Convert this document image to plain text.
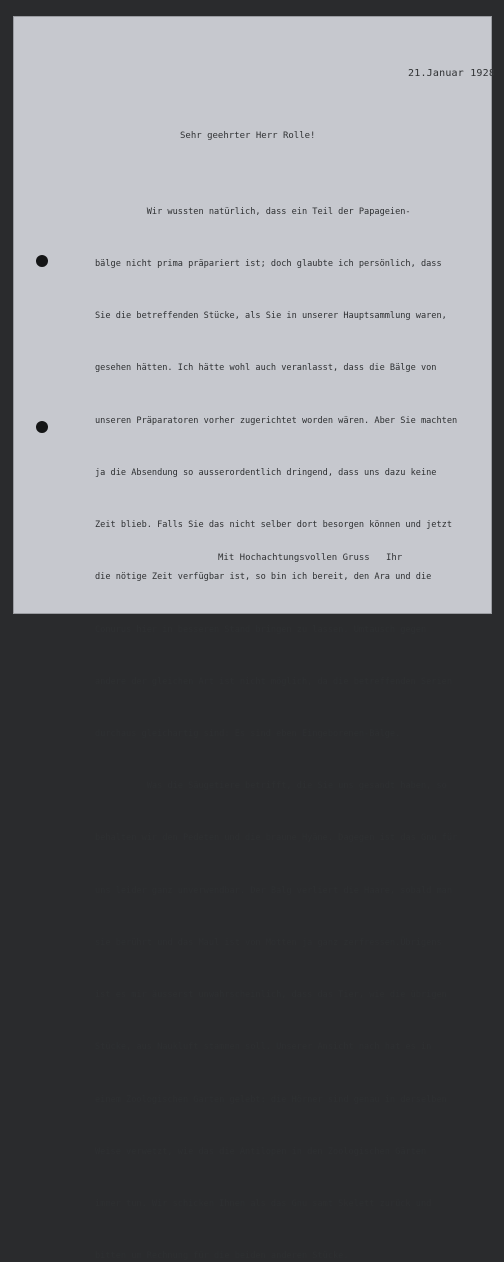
21.Januar 1928
Sehr geehrter Herr Rolle!

Wir wussten natürlich, dass ein Teil der Papageien-

bälge nicht prima präpariert ist; doch glaubte ich persönlich, dass

Sie die betreffenden Stücke, als Sie in unserer Hauptsammlung waren,

gesehen hätten. Ich hätte wohl auch veranlasst, dass die Bälge von

unseren Präparatoren vorher zugerichtet worden wären. Aber Sie machten

ja die Absendung so ausserordentlich dringend, dass uns dazu keine

Zeit blieb. Falls Sie das nicht selber dort besorgen können und jetzt

die nötige Zeit verfügbar ist, so bin ich bereit, den Ara und die

Conurus hier in besseren Stand bringen zu lassen. Umtausch gegen

andere der gleichen Art ist nicht möglich, da die betreffenden Serien

durchaus gleichartig sind: Es sind eben Eingeborenen-Bälge.

Was die Säugetiere betrifft, die Sie uns gesandt haben, so

behalten wir den Pedeten und die braune Hyäne. Dagegen ist das Gnu für

uns leider ganz unverwendbar. Der Balg verliert die Haare, sobald man

sie berührt und das Maul ist von Motten ja ganz zerfressen.Übrigens

ist es mir äusserst unwahrscheinlich, dass das Tier, wie die übrigen

Stücke, aus Naukluft stammen soll. Unserer Ansicht nach hat es in

einem Zoologischen Garten gelebt: die Hörner sind genau in derselben

Weise verwetzt, wie das die Antilopen in den Zoologischen Gärten

immer tun. Wir schicken Ihnen als das Gnu samt Skelett zurück und

bitten um Rechnung für die beiden anderen Stücke.

Mit Hochachtungsvollen Gruss   Ihr
